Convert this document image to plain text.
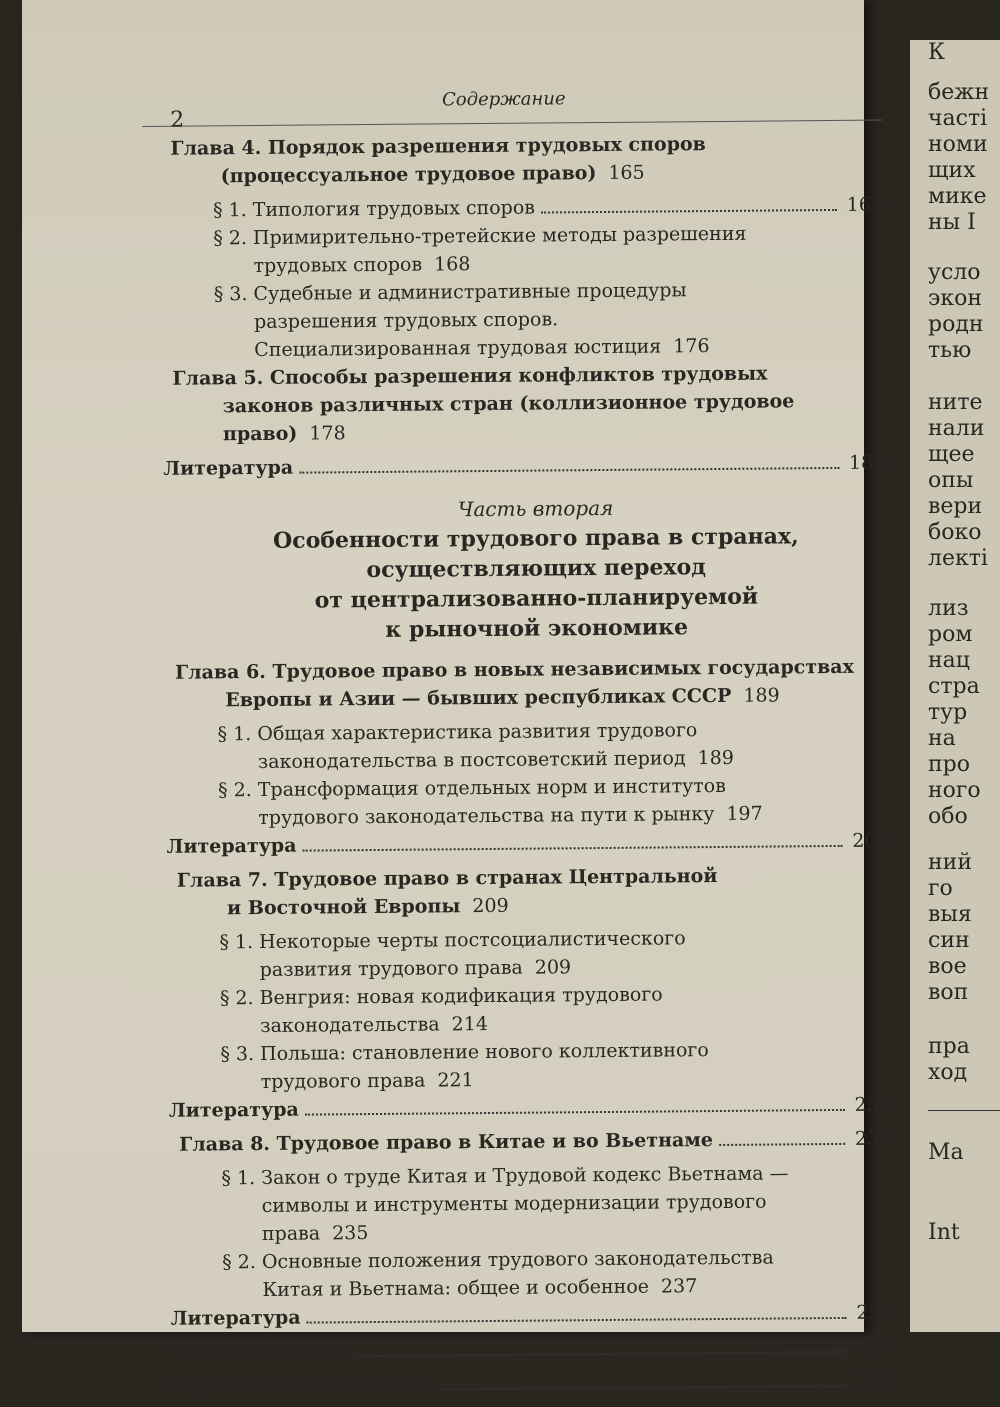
2
Содержание
Глава 4. Порядок разрешения трудовых споров
(процессуальное трудовое право) 165
§ 1. Типология трудовых споров	165
§ 2. Примирительно-третейские методы разрешения
трудовых споров 168
§ 3. Судебные и административные процедуры
разрешения трудовых споров.
Специализированная трудовая юстиция 176
Глава 5. Способы разрешения конфликтов трудовых
законов различных стран (коллизионное трудовое
право) 178
Литература	185
Часть вторая
Особенности трудового права в странах,
осуществляющих переход
от централизованно-планируемой
к рыночной экономике
Глава 6. Трудовое право в новых независимых государствах
Европы и Азии — бывших республиках СССР 189
§ 1. Общая характеристика развития трудового
законодательства в постсоветский период 189
§ 2. Трансформация отдельных норм и институтов
трудового законодательства на пути к рынку 197
Литература	208
Глава 7. Трудовое право в странах Центральной
и Восточной Европы 209
§ 1. Некоторые черты постсоциалистического
развития трудового права 209
§ 2. Венгрия: новая кодификация трудового
законодательства 214
§ 3. Польша: становление нового коллективного
трудового права 221
Литература	234
Глава 8. Трудовое право в Китае и во Вьетнаме	235
§ 1. Закон о труде Китая и Трудовой кодекс Вьетнама —
символы и инструменты модернизации трудового
права 235
§ 2. Основные положения трудового законодательства
Китая и Вьетнама: общее и особенное 237
Литература	250
Указатель имен	251
Предметный указатель	253
К
бежн
часті
номи
щих
мике
ны I
усло
экон
родн
тью
ните
нали
щее
опы
вери
боко
лекті
лиз
ром
нац
стра
тур
на
про
ного
обо
ний
го
выя
син
вое
воп
пра
ход
Ma
Int
